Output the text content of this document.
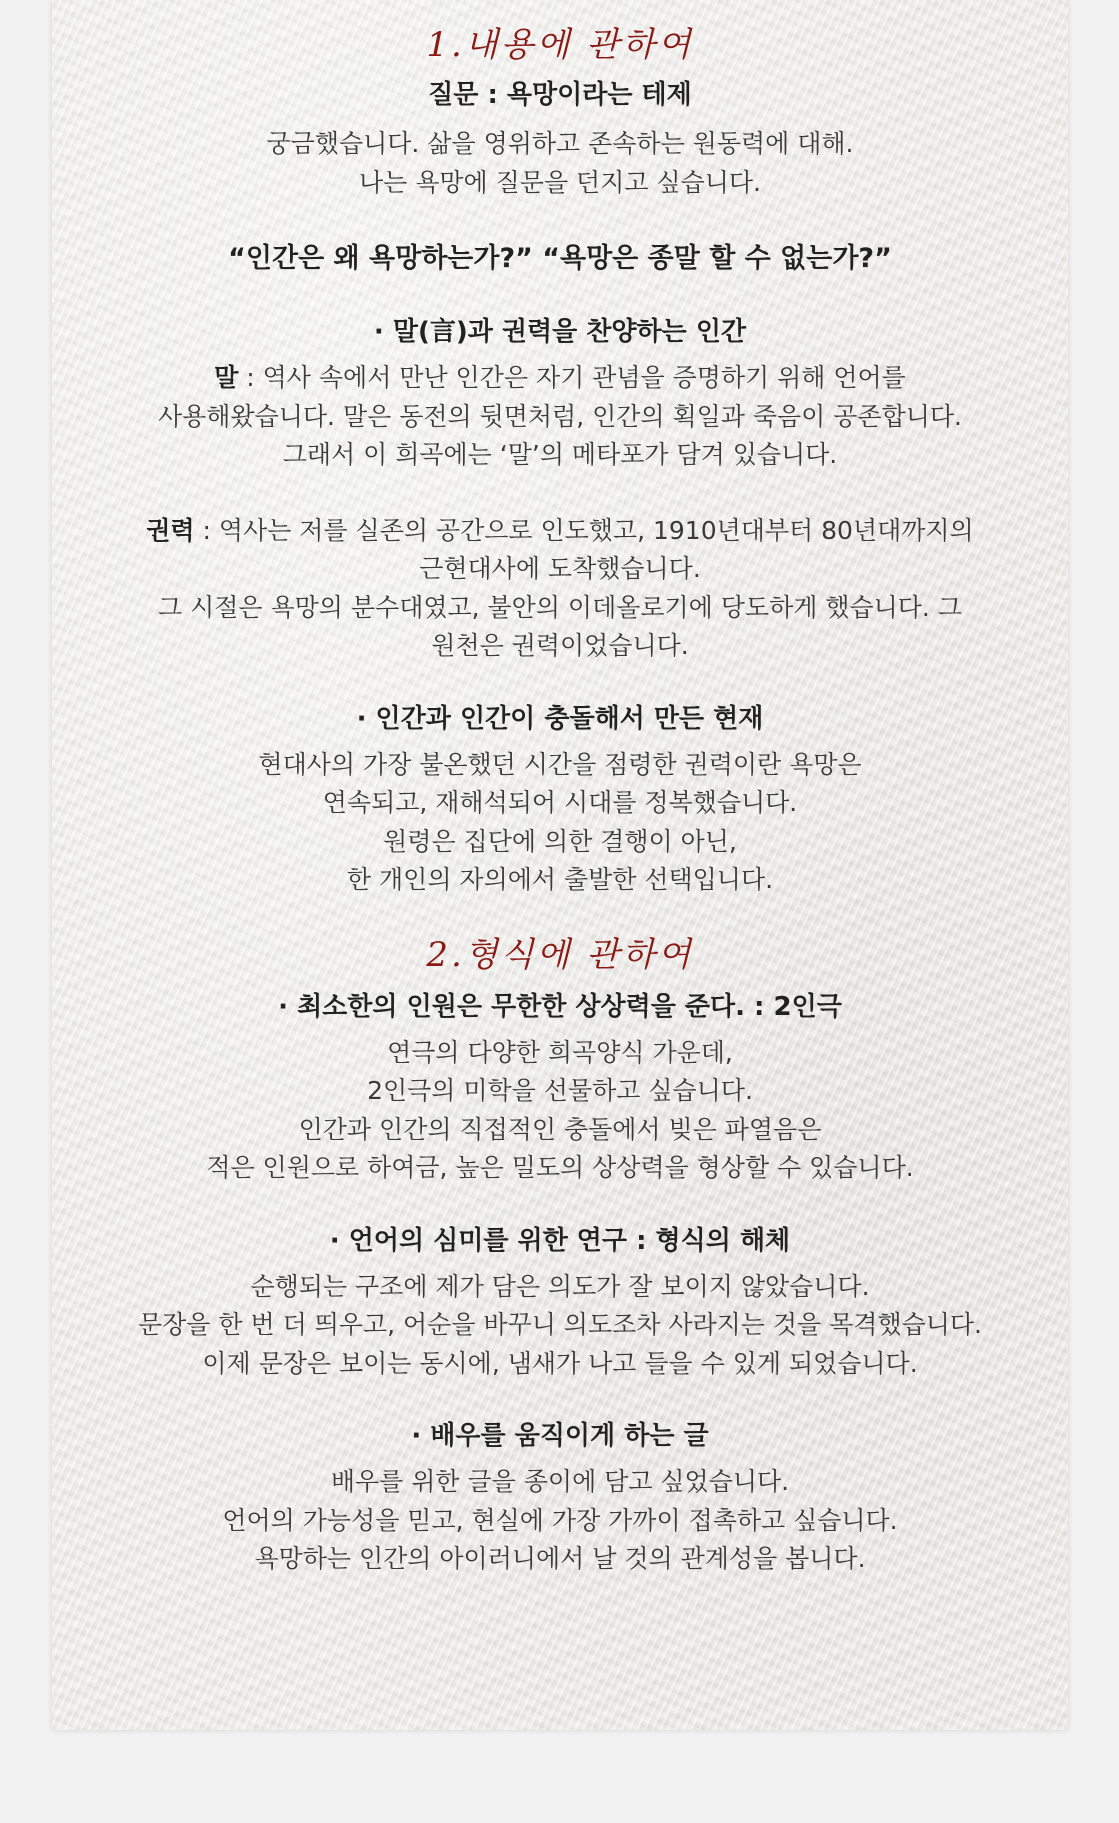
1.내용에 관하여
질문 : 욕망이라는 테제
궁금했습니다. 삶을 영위하고 존속하는 원동력에 대해.
나는 욕망에 질문을 던지고 싶습니다.
“인간은 왜 욕망하는가?” “욕망은 종말 할 수 없는가?”
· 말(言)과 권력을 찬양하는 인간
말 : 역사 속에서 만난 인간은 자기 관념을 증명하기 위해 언어를
사용해왔습니다. 말은 동전의 뒷면처럼, 인간의 획일과 죽음이 공존합니다.
그래서 이 희곡에는 ‘말’의 메타포가 담겨 있습니다.
권력 : 역사는 저를 실존의 공간으로 인도했고, 1910년대부터 80년대까지의
근현대사에 도착했습니다.
그 시절은 욕망의 분수대였고, 불안의 이데올로기에 당도하게 했습니다. 그
원천은 권력이었습니다.
· 인간과 인간이 충돌해서 만든 현재
현대사의 가장 불온했던 시간을 점령한 권력이란 욕망은
연속되고, 재해석되어 시대를 정복했습니다.
원령은 집단에 의한 결행이 아닌,
한 개인의 자의에서 출발한 선택입니다.
2.형식에 관하여
· 최소한의 인원은 무한한 상상력을 준다. : 2인극
연극의 다양한 희곡양식 가운데,
2인극의 미학을 선물하고 싶습니다.
인간과 인간의 직접적인 충돌에서 빚은 파열음은
적은 인원으로 하여금, 높은 밀도의 상상력을 형상할 수 있습니다.
· 언어의 심미를 위한 연구 : 형식의 해체
순행되는 구조에 제가 담은 의도가 잘 보이지 않았습니다.
문장을 한 번 더 띄우고, 어순을 바꾸니 의도조차 사라지는 것을 목격했습니다.
이제 문장은 보이는 동시에, 냄새가 나고 들을 수 있게 되었습니다.
· 배우를 움직이게 하는 글
배우를 위한 글을 종이에 담고 싶었습니다.
언어의 가능성을 믿고, 현실에 가장 가까이 접촉하고 싶습니다.
욕망하는 인간의 아이러니에서 날 것의 관계성을 봅니다.
